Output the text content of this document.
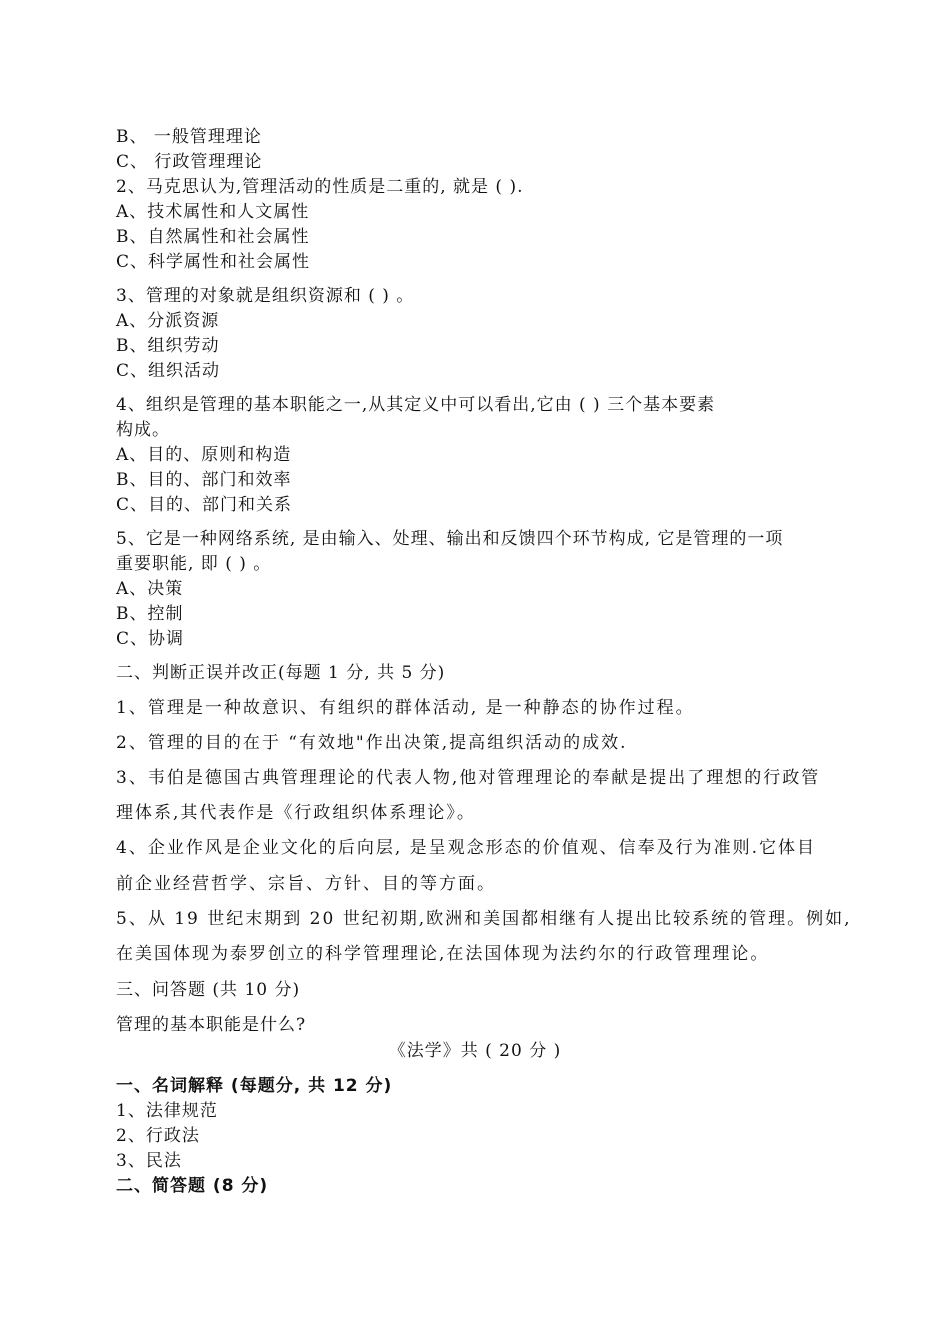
B、 一般管理理论
C、 行政管理理论
2、马克思认为,管理活动的性质是二重的, 就是 ( ).
A、技术属性和人文属性
B、自然属性和社会属性
C、科学属性和社会属性
3、管理的对象就是组织资源和 ( ) 。
A、分派资源
B、组织劳动
C、组织活动
4、组织是管理的基本职能之一,从其定义中可以看出,它由 ( ) 三个基本要素
构成。
A、目的、原则和构造
B、目的、部门和效率
C、目的、部门和关系
5、它是一种网络系统, 是由输入、处理、输出和反馈四个环节构成, 它是管理的一项
重要职能, 即 ( ) 。
A、决策
B、控制
C、协调
二、判断正误并改正(每题 1 分, 共 5 分)
1、管理是一种故意识、有组织的群体活动, 是一种静态的协作过程。
2、管理的目的在于 “有效地"作出决策,提高组织活动的成效.
3、韦伯是德国古典管理理论的代表人物,他对管理理论的奉献是提出了理想的行政管
理体系,其代表作是《行政组织体系理论》。
4、企业作风是企业文化的后向层, 是呈观念形态的价值观、信奉及行为准则.它体目
前企业经营哲学、宗旨、方针、目的等方面。
5、从 19 世纪末期到 20 世纪初期,欧洲和美国都相继有人提出比较系统的管理。例如,
在美国体现为泰罗创立的科学管理理论,在法国体现为法约尔的行政管理理论。
三、问答题 (共 10 分)
管理的基本职能是什么?
《法学》共 ( 20 分 )
一、名词解释 (每题分, 共 12 分)
1、法律规范
2、行政法
3、民法
二、简答题 (8 分)
